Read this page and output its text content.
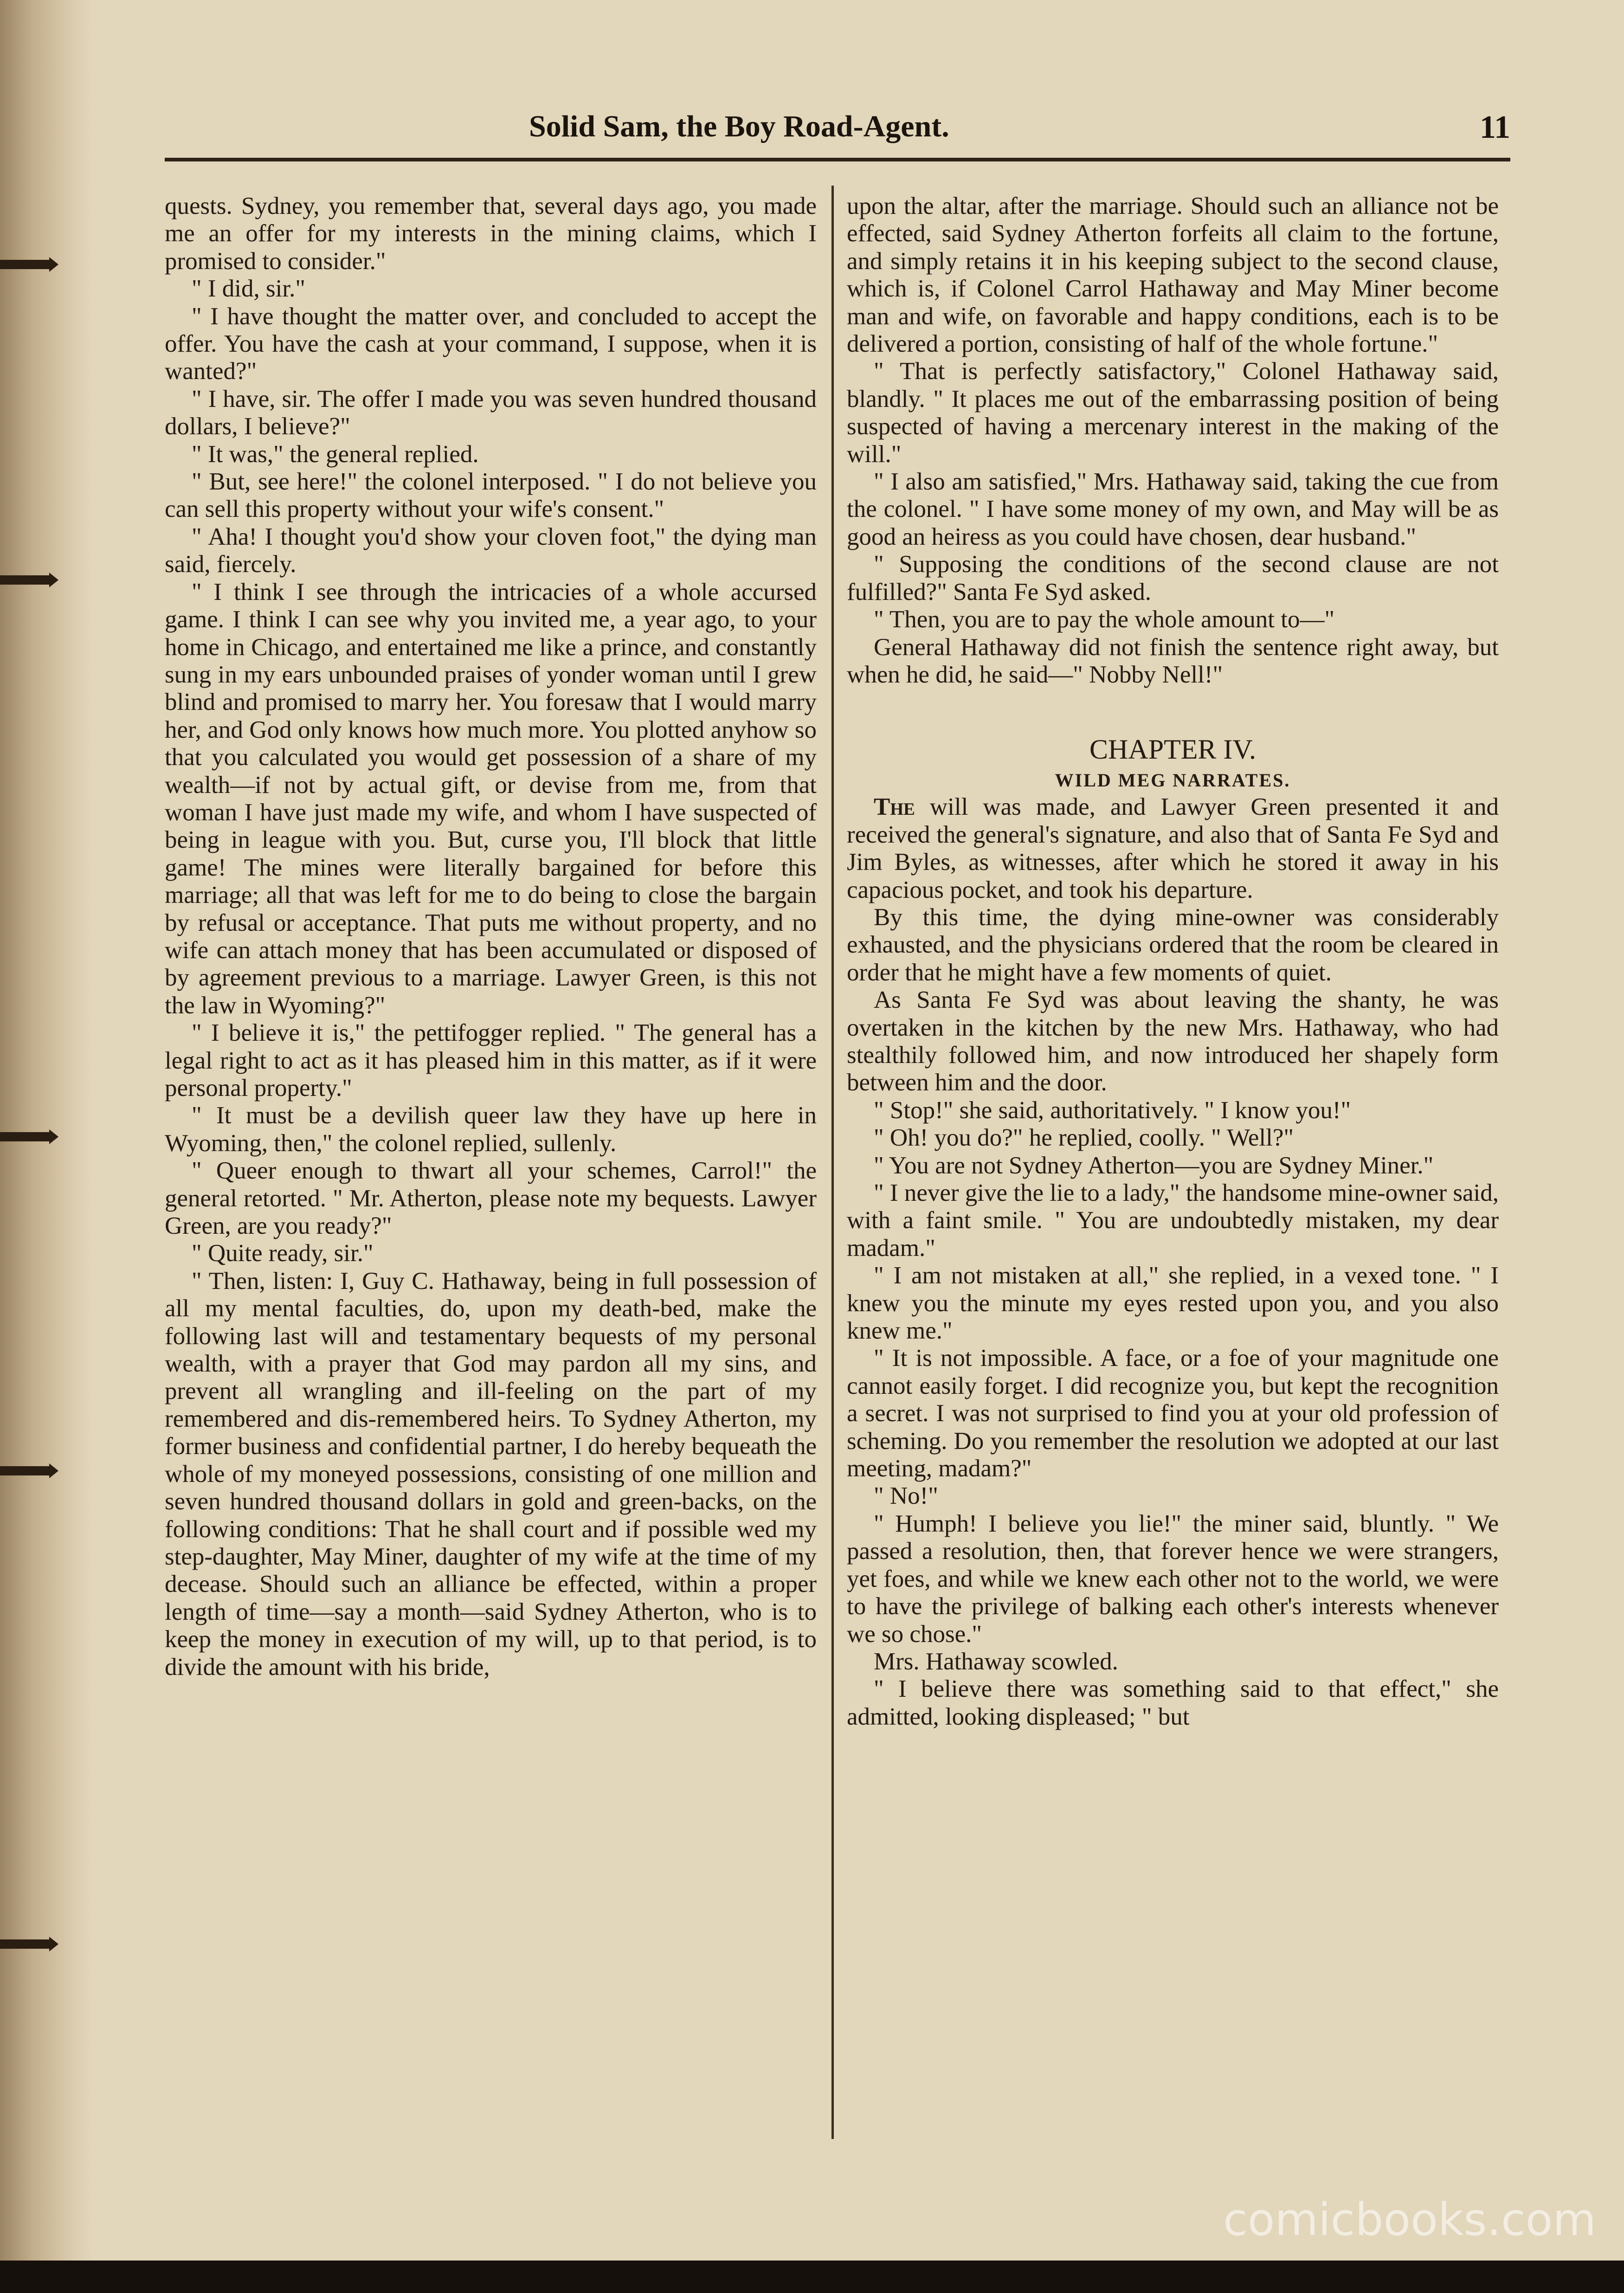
Solid Sam, the Boy Road-Agent.	11

quests. Sydney, you remember that, several days ago, you made me an offer for my interests in the mining claims, which I promised to consider."

" I did, sir."

" I have thought the matter over, and concluded to accept the offer. You have the cash at your command, I suppose, when it is wanted?"

" I have, sir. The offer I made you was seven hundred thousand dollars, I believe?"

" It was," the general replied.

" But, see here!" the colonel interposed. " I do not believe you can sell this property without your wife's consent."

" Aha! I thought you'd show your cloven foot," the dying man said, fiercely.

" I think I see through the intricacies of a whole accursed game. I think I can see why you invited me, a year ago, to your home in Chicago, and entertained me like a prince, and constantly sung in my ears unbounded praises of yonder woman until I grew blind and promised to marry her. You foresaw that I would marry her, and God only knows how much more. You plotted anyhow so that you calculated you would get possession of a share of my wealth—if not by actual gift, or devise from me, from that woman I have just made my wife, and whom I have suspected of being in league with you. But, curse you, I'll block that little game! The mines were literally bargained for before this marriage; all that was left for me to do being to close the bargain by refusal or acceptance. That puts me without property, and no wife can attach money that has been accumulated or disposed of by agreement previous to a marriage. Lawyer Green, is this not the law in Wyoming?"

" I believe it is," the pettifogger replied. " The general has a legal right to act as it has pleased him in this matter, as if it were personal property."

" It must be a devilish queer law they have up here in Wyoming, then," the colonel replied, sullenly.

" Queer enough to thwart all your schemes, Carrol!" the general retorted. " Mr. Atherton, please note my bequests. Lawyer Green, are you ready?"

" Quite ready, sir."

" Then, listen: I, Guy C. Hathaway, being in full possession of all my mental faculties, do, upon my death-bed, make the following last will and testamentary bequests of my personal wealth, with a prayer that God may pardon all my sins, and prevent all wrangling and ill-feeling on the part of my remembered and dis-remembered heirs. To Sydney Atherton, my former business and confidential partner, I do hereby bequeath the whole of my moneyed possessions, consisting of one million and seven hundred thousand dollars in gold and green-backs, on the following conditions: That he shall court and if possible wed my step-daughter, May Miner, daughter of my wife at the time of my decease. Should such an alliance be effected, within a proper length of time—say a month—said Sydney Atherton, who is to keep the money in execution of my will, up to that period, is to divide the amount with his bride,

upon the altar, after the marriage. Should such an alliance not be effected, said Sydney Atherton forfeits all claim to the fortune, and simply retains it in his keeping subject to the second clause, which is, if Colonel Carrol Hathaway and May Miner become man and wife, on favorable and happy conditions, each is to be delivered a portion, consisting of half of the whole fortune."

" That is perfectly satisfactory," Colonel Hathaway said, blandly. " It places me out of the embarrassing position of being suspected of having a mercenary interest in the making of the will."

" I also am satisfied," Mrs. Hathaway said, taking the cue from the colonel. " I have some money of my own, and May will be as good an heiress as you could have chosen, dear husband."

" Supposing the conditions of the second clause are not fulfilled?" Santa Fe Syd asked.

" Then, you are to pay the whole amount to—"

General Hathaway did not finish the sentence right away, but when he did, he said—" Nobby Nell!"

CHAPTER IV.
WILD MEG NARRATES.

The will was made, and Lawyer Green presented it and received the general's signature, and also that of Santa Fe Syd and Jim Byles, as witnesses, after which he stored it away in his capacious pocket, and took his departure.

By this time, the dying mine-owner was considerably exhausted, and the physicians ordered that the room be cleared in order that he might have a few moments of quiet.

As Santa Fe Syd was about leaving the shanty, he was overtaken in the kitchen by the new Mrs. Hathaway, who had stealthily followed him, and now introduced her shapely form between him and the door.

" Stop!" she said, authoritatively. " I know you!"

" Oh! you do?" he replied, coolly. " Well?"

" You are not Sydney Atherton—you are Sydney Miner."

" I never give the lie to a lady," the handsome mine-owner said, with a faint smile. " You are undoubtedly mistaken, my dear madam."

" I am not mistaken at all," she replied, in a vexed tone. " I knew you the minute my eyes rested upon you, and you also knew me."

" It is not impossible. A face, or a foe of your magnitude one cannot easily forget. I did recognize you, but kept the recognition a secret. I was not surprised to find you at your old profession of scheming. Do you remember the resolution we adopted at our last meeting, madam?"

" No!"

" Humph! I believe you lie!" the miner said, bluntly. " We passed a resolution, then, that forever hence we were strangers, yet foes, and while we knew each other not to the world, we were to have the privilege of balking each other's interests whenever we so chose."

Mrs. Hathaway scowled.

" I believe there was something said to that effect," she admitted, looking displeased; " but

comicbooks.com
